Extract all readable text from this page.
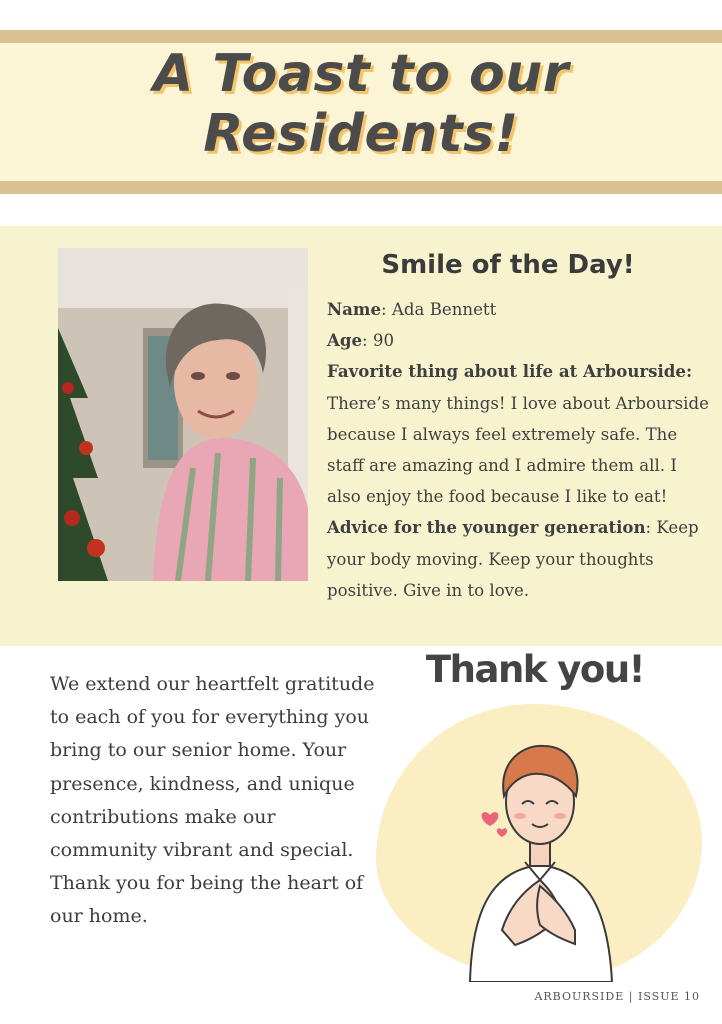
A Toast to our
Residents!
Smile of the Day!
Name: Ada Bennett
Age: 90
Favorite thing about life at Arbourside:
There’s many things! I love about Arbourside because I always feel extremely safe. The staff are amazing and I admire them all. I also enjoy the food because I like to eat!
Advice for the younger generation: Keep your body moving. Keep your thoughts positive. Give in to love.
We extend our heartfelt gratitude to each of you for everything you bring to our senior home. Your presence, kindness, and unique contributions make our community vibrant and special. Thank you for being the heart of our home.
Thank you!
ARBOURSIDE | ISSUE 10
